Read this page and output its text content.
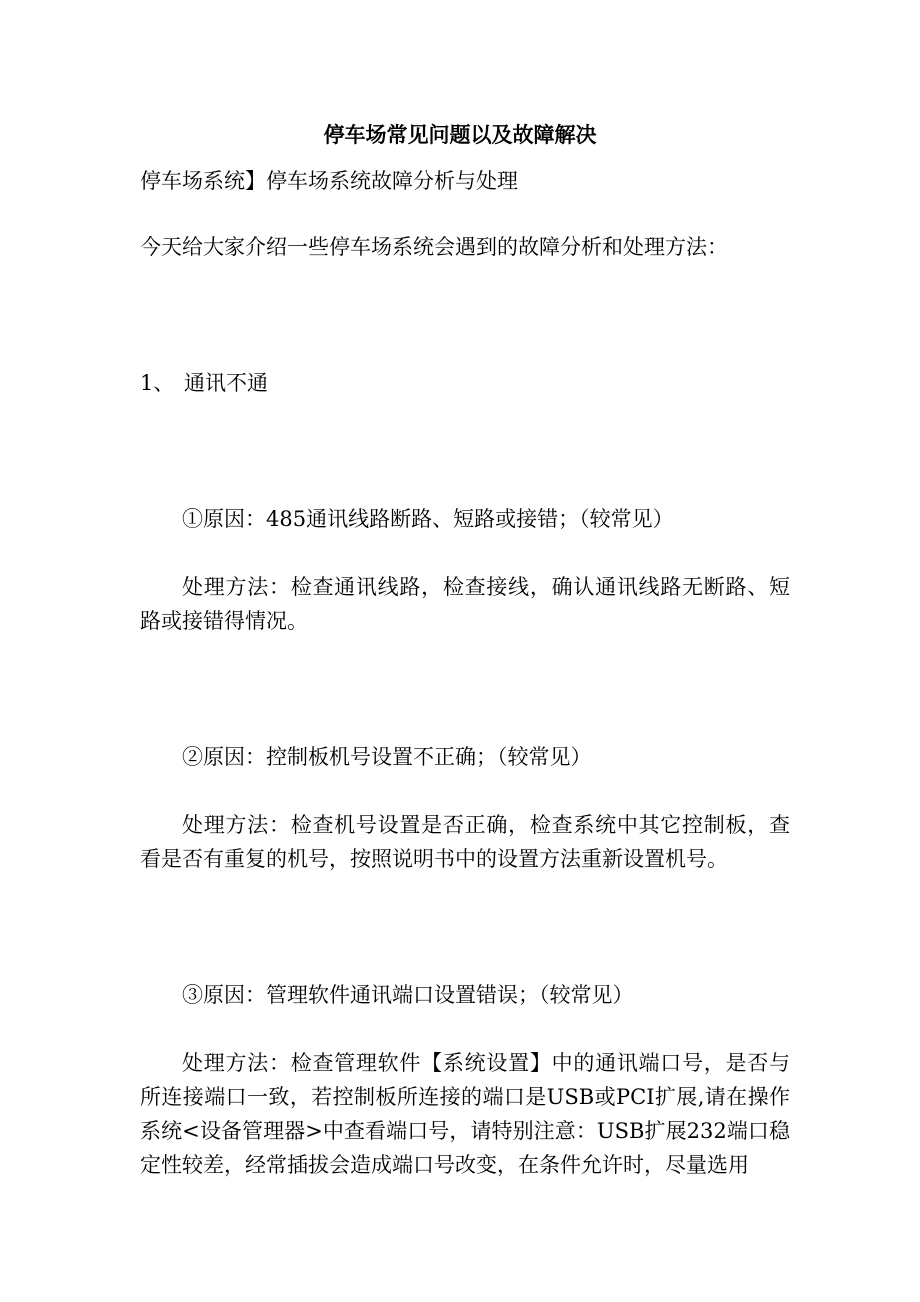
停车场常见问题以及故障解决
停车场系统】停车场系统故障分析与处理
今天给大家介绍一些停车场系统会遇到的故障分析和处理方法：
1、 通讯不通
①原因：485通讯线路断路、短路或接错；（较常见）
处理方法：检查通讯线路，检查接线，确认通讯线路无断路、短路或接错得情况。
②原因：控制板机号设置不正确；（较常见）
处理方法：检查机号设置是否正确，检查系统中其它控制板，查看是否有重复的机号，按照说明书中的设置方法重新设置机号。
③原因：管理软件通讯端口设置错误；（较常见）
处理方法：检查管理软件【系统设置】中的通讯端口号，是否与所连接端口一致，若控制板所连接的端口是USB或PCI扩展,请在操作系统<设备管理器>中查看端口号，请特别注意：USB扩展232端口稳定性较差，经常插拔会造成端口号改变，在条件允许时，尽量选用
